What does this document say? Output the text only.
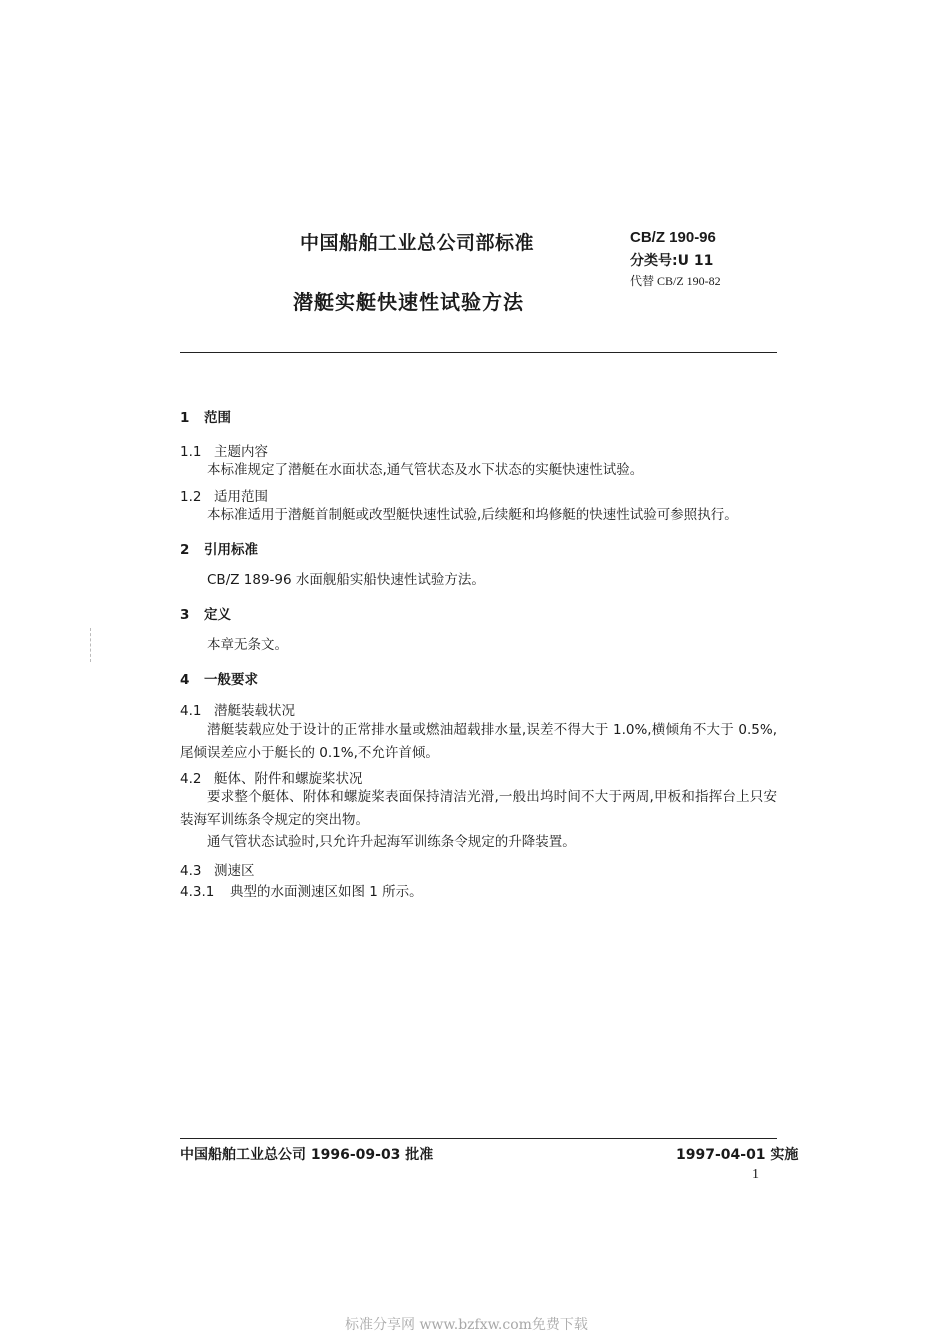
中国船舶工业总公司部标准
潜艇实艇快速性试验方法
CB/Z 190-96
分类号:U 11
代替 CB/Z 190-82
1 范围
1.1 主题内容
本标准规定了潜艇在水面状态,通气管状态及水下状态的实艇快速性试验。
1.2 适用范围
本标准适用于潜艇首制艇或改型艇快速性试验,后续艇和坞修艇的快速性试验可参照执行。
2 引用标准
CB/Z 189-96 水面舰船实船快速性试验方法。
3 定义
本章无条文。
4 一般要求
4.1 潜艇装载状况
潜艇装载应处于设计的正常排水量或燃油超载排水量,误差不得大于 1.0%,横倾角不大于 0.5%,尾倾误差应小于艇长的 0.1%,不允许首倾。
4.2 艇体、附件和螺旋桨状况
要求整个艇体、附体和螺旋桨表面保持清洁光滑,一般出坞时间不大于两周,甲板和指挥台上只安装海军训练条令规定的突出物。
通气管状态试验时,只允许升起海军训练条令规定的升降装置。
4.3 测速区
4.3.1 典型的水面测速区如图 1 所示。
中国船舶工业总公司 1996-09-03 批准	1997-04-01 实施
1
标准分享网 www.bzfxw.com免费下载
